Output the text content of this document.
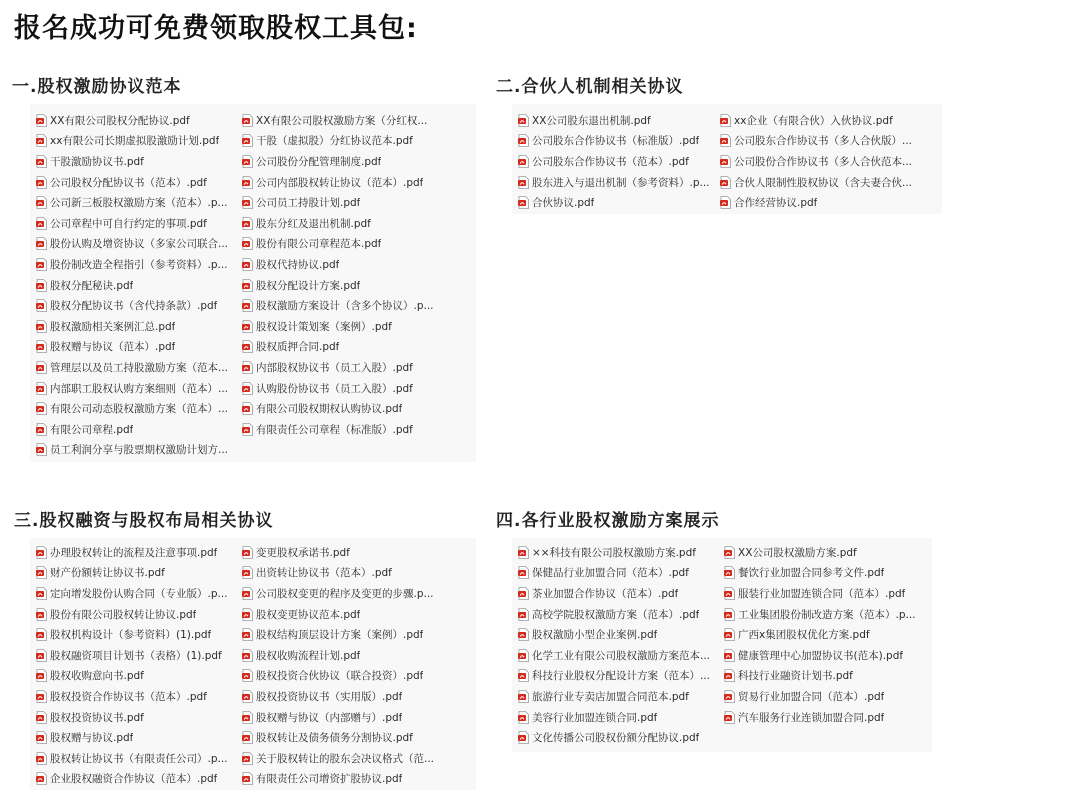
报名成功可免费领取股权工具包:
一.股权激励协议范本
XX有限公司股权分配协议.pdf
xx有限公司长期虚拟股激励计划.pdf
干股激励协议书.pdf
公司股权分配协议书（范本）.pdf
公司新三板股权激励方案（范本）.p...
公司章程中可自行约定的事项.pdf
股份认购及增资协议（多家公司联合...
股份制改造全程指引（参考资料）.p...
股权分配秘诀.pdf
股权分配协议书（含代持条款）.pdf
股权激励相关案例汇总.pdf
股权赠与协议（范本）.pdf
管理层以及员工持股激励方案（范本...
内部职工股权认购方案细则（范本）...
有限公司动态股权激励方案（范本）...
有限公司章程.pdf
员工利润分享与股票期权激励计划方...
XX有限公司股权激励方案（分红权...
干股（虚拟股）分红协议范本.pdf
公司股份分配管理制度.pdf
公司内部股权转让协议（范本）.pdf
公司员工持股计划.pdf
股东分红及退出机制.pdf
股份有限公司章程范本.pdf
股权代持协议.pdf
股权分配设计方案.pdf
股权激励方案设计（含多个协议）.p...
股权设计策划案（案例）.pdf
股权质押合同.pdf
内部股权协议书（员工入股）.pdf
认购股份协议书（员工入股）.pdf
有限公司股权期权认购协议.pdf
有限责任公司章程（标准版）.pdf
二.合伙人机制相关协议
XX公司股东退出机制.pdf
公司股东合作协议书（标准版）.pdf
公司股东合作协议书（范本）.pdf
股东进入与退出机制（参考资料）.p...
合伙协议.pdf
xx企业（有限合伙）入伙协议.pdf
公司股东合作协议书（多人合伙版）...
公司股份合作协议书（多人合伙范本...
合伙人限制性股权协议（含夫妻合伙...
合作经营协议.pdf
三.股权融资与股权布局相关协议
办理股权转让的流程及注意事项.pdf
财产份额转让协议书.pdf
定向增发股份认购合同（专业版）.p...
股份有限公司股权转让协议.pdf
股权机构设计（参考资料）(1).pdf
股权融资项目计划书（表格）(1).pdf
股权收购意向书.pdf
股权投资合作协议书（范本）.pdf
股权投资协议书.pdf
股权赠与协议.pdf
股权转让协议书（有限责任公司）.p...
企业股权融资合作协议（范本）.pdf
变更股权承诺书.pdf
出资转让协议书（范本）.pdf
公司股权变更的程序及变更的步骤.p...
股权变更协议范本.pdf
股权结构顶层设计方案（案例）.pdf
股权收购流程计划.pdf
股权投资合伙协议（联合投资）.pdf
股权投资协议书（实用版）.pdf
股权赠与协议（内部赠与）.pdf
股权转让及债务债务分割协议.pdf
关于股权转让的股东会决议格式（范...
有限责任公司增资扩股协议.pdf
四.各行业股权激励方案展示
××科技有限公司股权激励方案.pdf
保健品行业加盟合同（范本）.pdf
茶业加盟合作协议（范本）.pdf
高校学院股权激励方案（范本）.pdf
股权激励小型企业案例.pdf
化学工业有限公司股权激励方案范本...
科技行业股权分配设计方案（范本）...
旅游行业专卖店加盟合同范本.pdf
美容行业加盟连锁合同.pdf
文化传播公司股权份额分配协议.pdf
XX公司股权激励方案.pdf
餐饮行业加盟合同参考文件.pdf
服装行业加盟连锁合同（范本）.pdf
工业集团股份制改造方案（范本）.p...
广西x集团股权优化方案.pdf
健康管理中心加盟协议书(范本).pdf
科技行业融资计划书.pdf
贸易行业加盟合同（范本）.pdf
汽车服务行业连锁加盟合同.pdf
